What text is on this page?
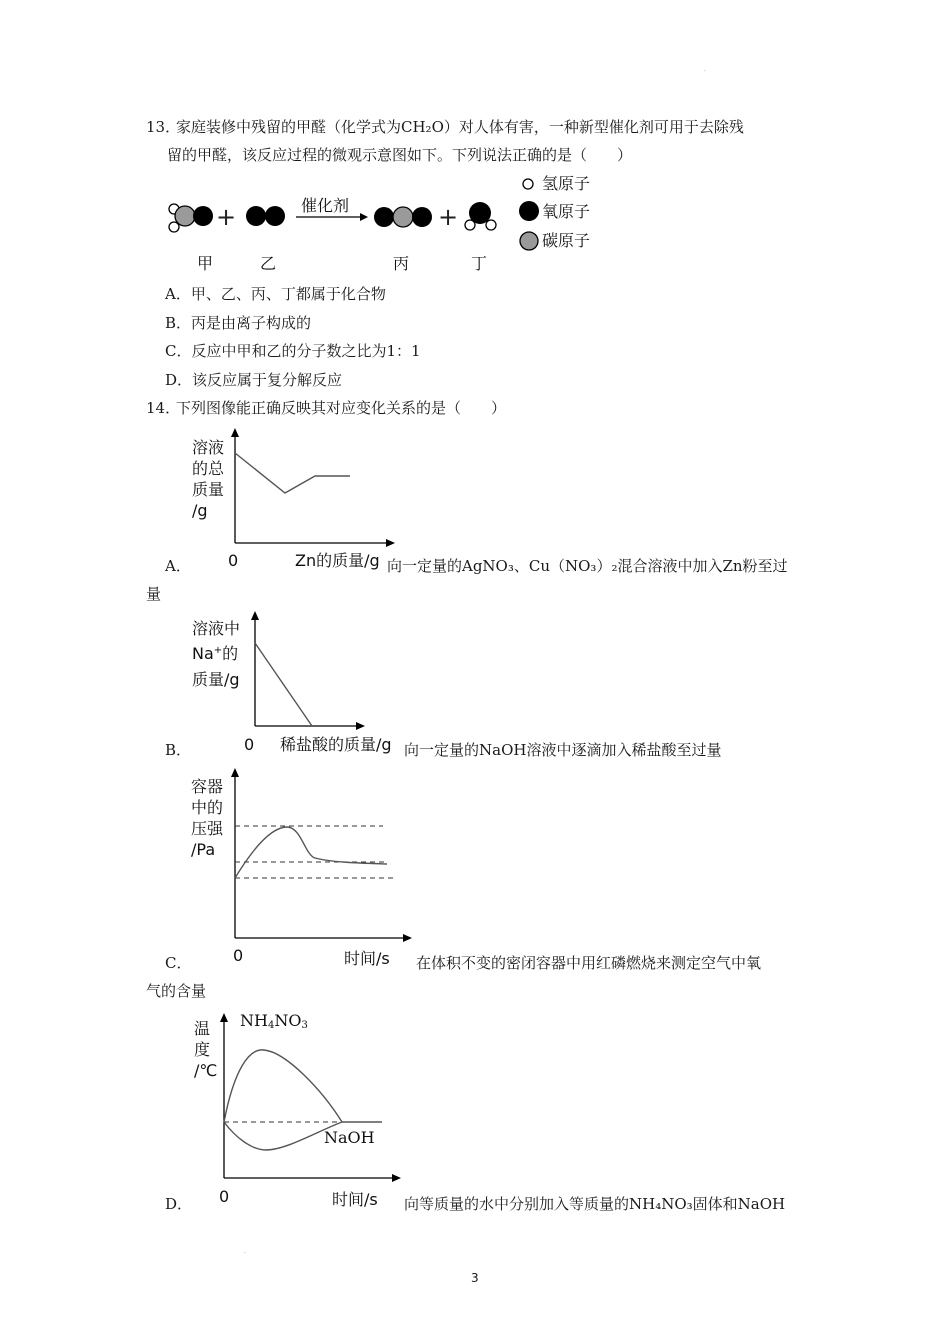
.
.
13．
家庭装修中残留的甲醛（化学式为CH₂O）对人体有害，一种新型催化剂可用于去除残
留的甲醛，该反应过程的微观示意图如下。下列说法正确的是（　　）
+	+
催化剂
氢原子
氧原子
碳原子
甲	乙	丙	丁
A．甲、乙、丙、丁都属于化合物
B．丙是由离子构成的
C．反应中甲和乙的分子数之比为1：1
D．该反应属于复分解反应
14．
下列图像能正确反映其对应变化关系的是（　　）
溶液
的总
质量
/g
0	Zn的质量/g
A．	向一定量的AgNO₃、Cu（NO₃）₂混合溶液中加入Zn粉至过
量
溶液中
Na+的
质量/g
0 稀盐酸的质量/g
B．	向一定量的NaOH溶液中逐滴加入稀盐酸至过量
容器
中的
压强
/Pa
0	时间/s
C．	在体积不变的密闭容器中用红磷燃烧来测定空气中氧
气的含量
$NH_4NO_3$
温
度
/℃
NaOH
0	时间/s
D．	向等质量的水中分别加入等质量的NH₄NO₃固体和NaOH
3
